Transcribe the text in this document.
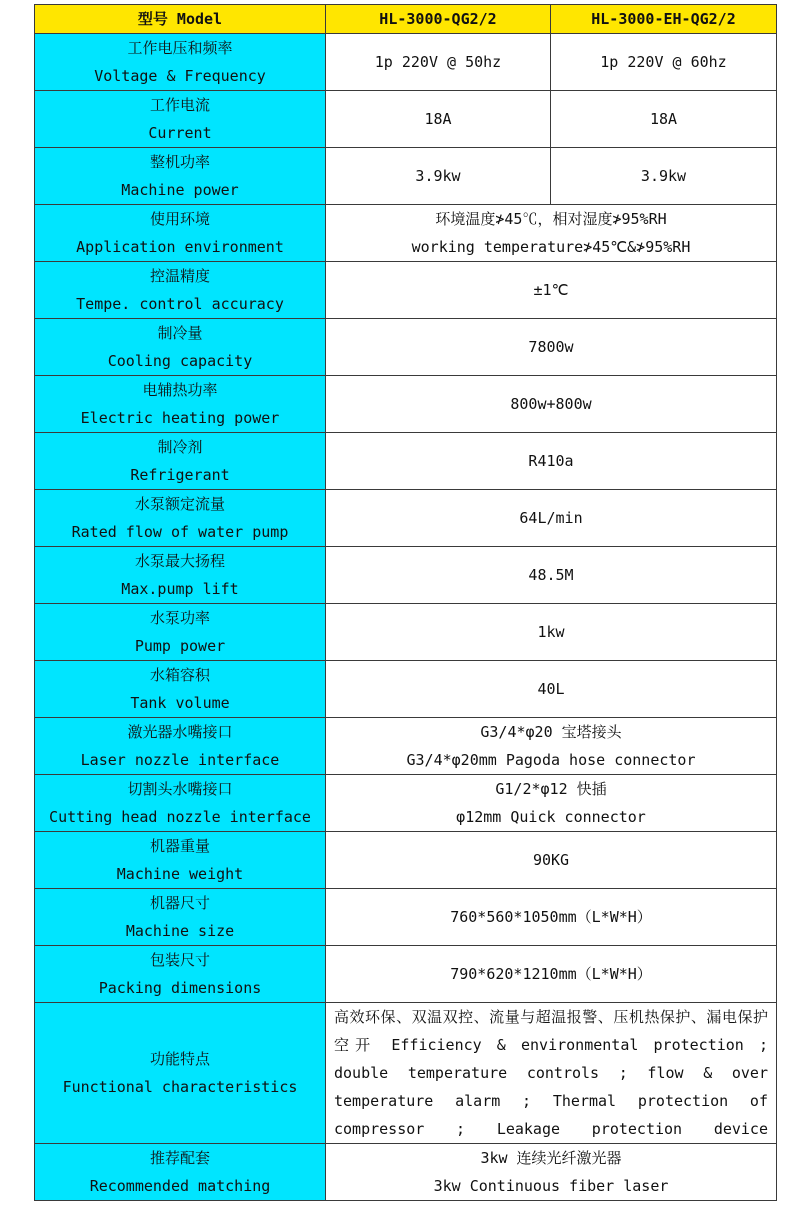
型号 Model	HL-3000-QG2/2	HL-3000-EH-QG2/2

工作电压和频率
Voltage & Frequency	1p 220V @ 50hz	1p 220V @ 60hz

工作电流
Current	18A	18A

整机功率
Machine power	3.9kw	3.9kw

使用环境
Application environment	环境温度≯45℃，相对湿度≯95%RH
working temperature≯45℃&≯95%RH	

控温精度
Tempe. control accuracy	±1℃	

制冷量
Cooling capacity	7800w	

电辅热功率
Electric heating power	800w+800w	

制冷剂
Refrigerant	R410a	

水泵额定流量
Rated flow of water pump	64L/min	

水泵最大扬程
Max.pump lift	48.5M	

水泵功率
Pump power	1kw	

水箱容积
Tank volume	40L	

激光器水嘴接口
Laser nozzle interface	G3/4*φ20 宝塔接头
G3/4*φ20mm Pagoda hose connector	

切割头水嘴接口
Cutting head nozzle interface	G1/2*φ12 快插
φ12mm Quick connector	

机器重量
Machine weight	90KG	

机器尺寸
Machine size	760*560*1050mm（L*W*H）	

包装尺寸
Packing dimensions	790*620*1210mm（L*W*H）	

功能特点
Functional characteristics	高效环保、双温双控、流量与超温报警、压机热保护、漏电保护空开 Efficiency & environmental protection ; double temperature controls ; flow & over temperature alarm ; Thermal protection of compressor ; Leakage protection device	

推荐配套
Recommended matching	3kw 连续光纤激光器
3kw Continuous fiber laser	
